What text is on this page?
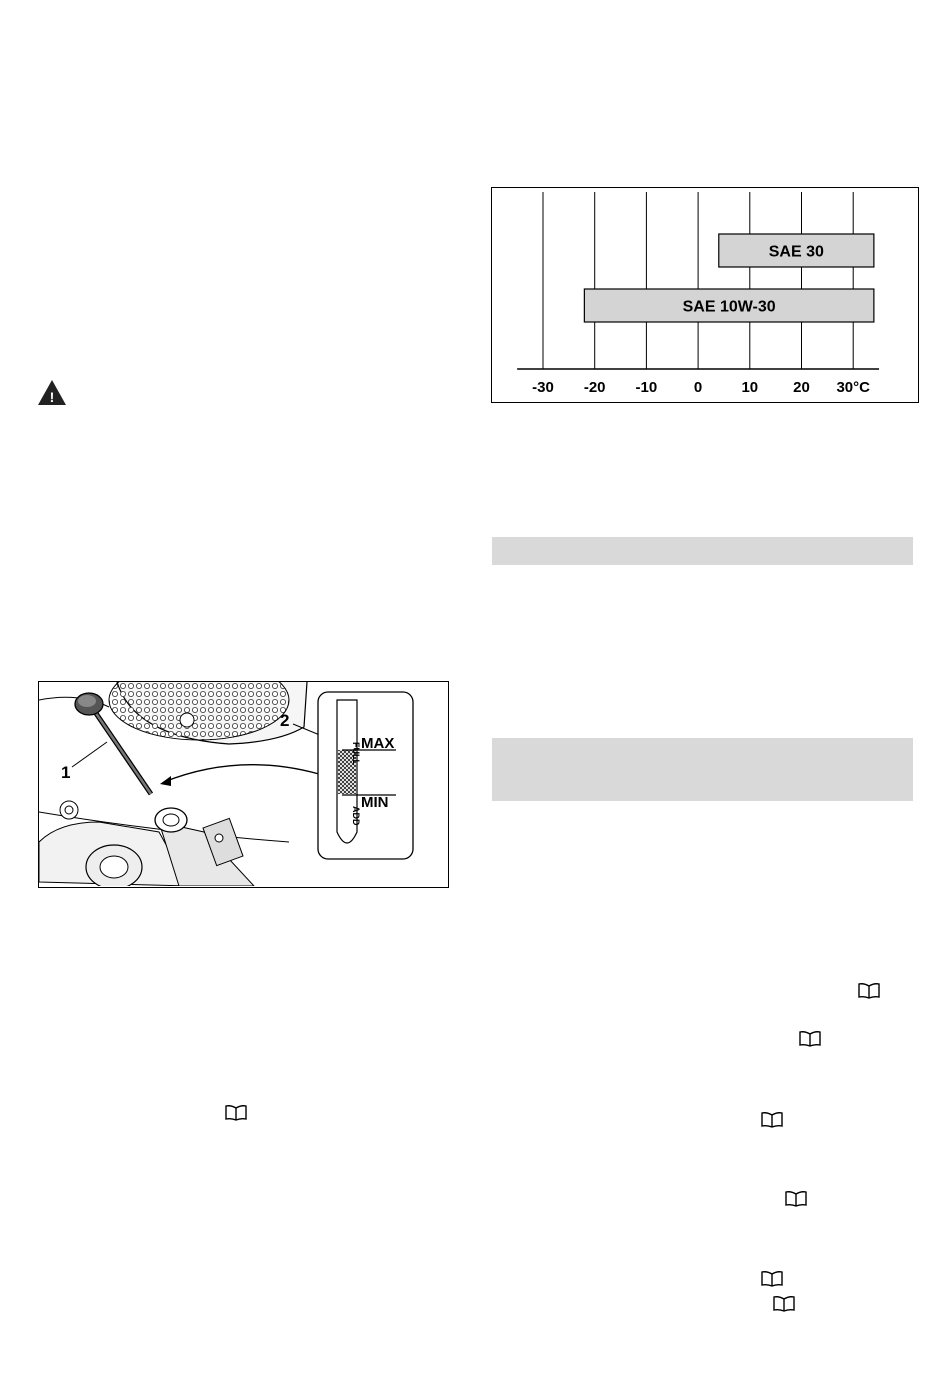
!
1
2
FULL
ADD
MAX
MIN
-30 -20 -10 0	10 20 30°C
SAE 30
SAE 10W-30
